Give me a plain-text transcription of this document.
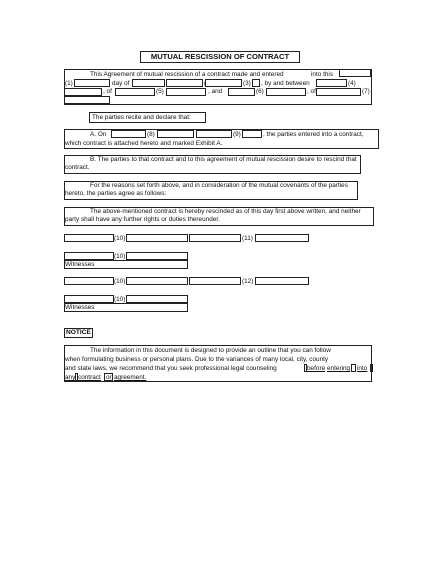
MUTUAL RESCISSION OF CONTRACT
This Agreement of mutual rescission of a contract made and entered	into this
(1)	day of	(3) , by and between	(4)
, of	(5)	, and	(6)	, of	(7)
The parties recite and declare that:
A. On	(8)	(9)	, the parties entered into a contract,
which contract is attached hereto and marked Exhibit A.
B. The parties to that contract and to this agreement of mutual rescission desire to rescind that contract.
For the reasons set forth above, and in consideration of the mutual covenants of the parties hereto, the parties agree as follows:
The above-mentioned contract is hereby rescinded as of this day first above written, and neither party shall have any further rights or duties thereunder.
(10)	(11)
(10)
Witnesses
(10)	(12)
(10)
Witnesses
NOTICE
The information in this document is designed to provide an outline that you can follow
when formulating business or personal plans. Due to the variances of many local, city, county
and state laws, we recommend that you seek professional legal counseling	before entering into
any contract or agreement.
